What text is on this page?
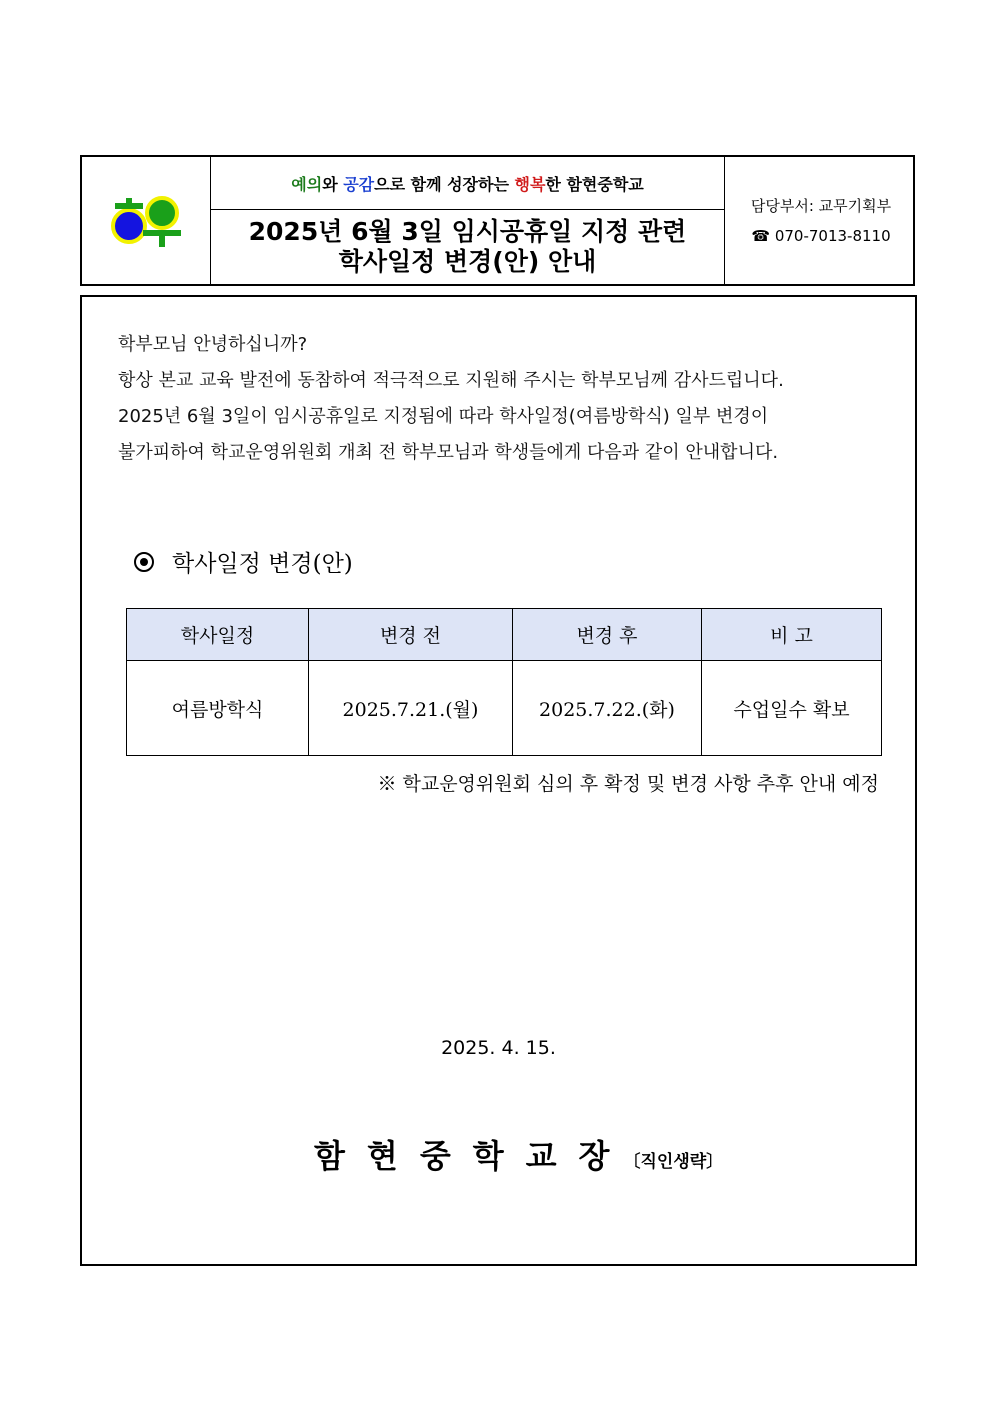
예의 와 공감 으로 함께 성장하는 행복 한 함현중학교
2025년 6월 3일 임시공휴일 지정 관련
학사일정 변경(안) 안내
담당부서: 교무기획부
☎ 070-7013-8110

학부모님 안녕하십니까?

항상 본교 교육 발전에 동참하여 적극적으로 지원해 주시는 학부모님께 감사드립니다.

2025년 6월 3일이 임시공휴일로 지정됨에 따라 학사일정(여름방학식) 일부 변경이

불가피하여 학교운영위원회 개최 전 학부모님과 학생들에게 다음과 같이 안내합니다.

학사일정 변경(안)
학사일정	변경 전	변경 후	비 고
여름방학식	2025.7.21.(월)	2025.7.22.(화)	수업일수 확보
※ 학교운영위원회 심의 후 확정 및 변경 사항 추후 안내 예정
2025. 4. 15.
함현중학교장
〔직인생략〕
